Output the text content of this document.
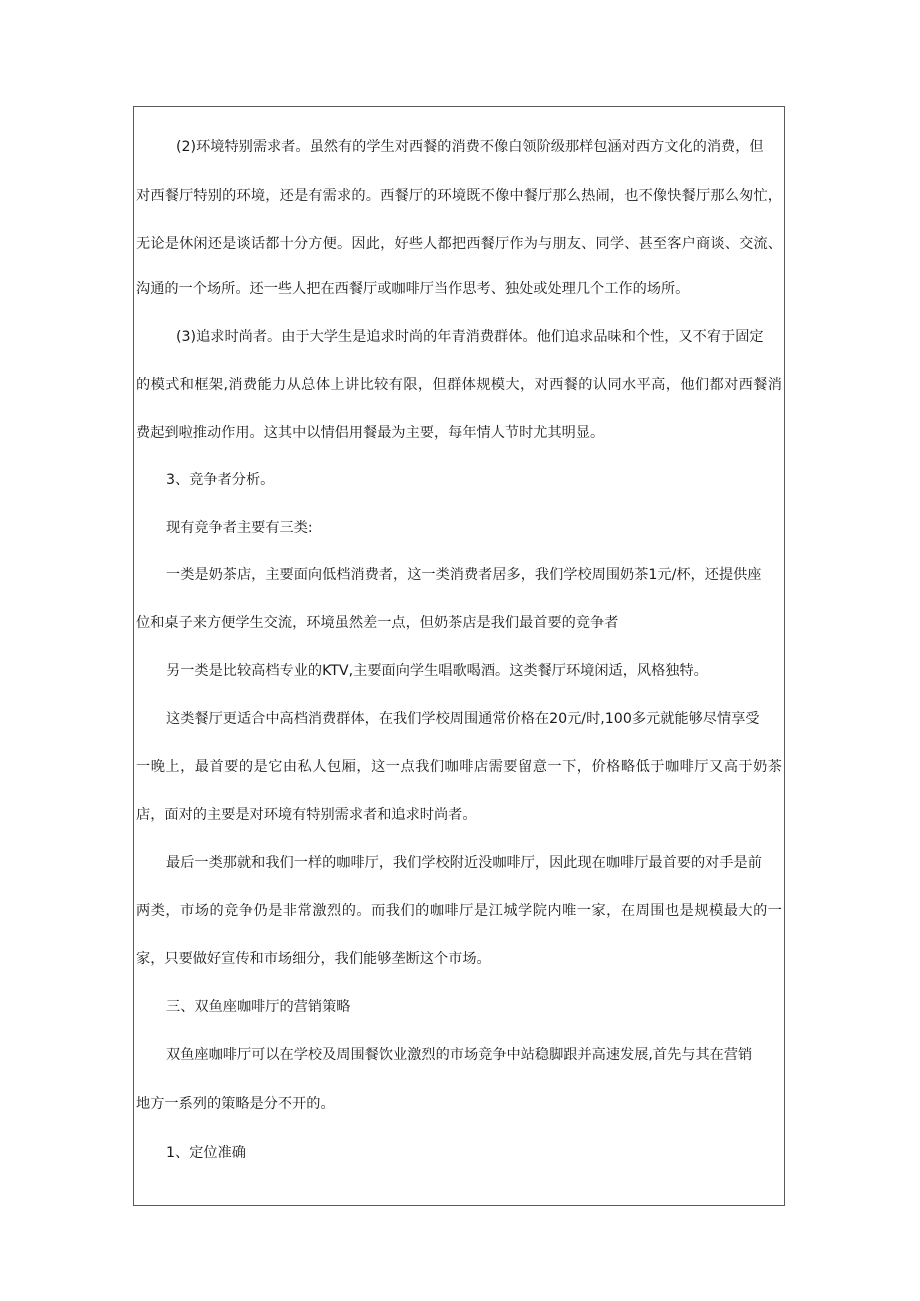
(2)环境特别需求者。虽然有的学生对西餐的消费不像白领阶级那样包涵对西方文化的消费，但
对西餐厅特别的环境，还是有需求的。西餐厅的环境既不像中餐厅那么热闹，也不像快餐厅那么匆忙，
无论是休闲还是谈话都十分方便。因此，好些人都把西餐厅作为与朋友、同学、甚至客户商谈、交流、
沟通的一个场所。还一些人把在西餐厅或咖啡厅当作思考、独处或处理几个工作的场所。
(3)追求时尚者。由于大学生是追求时尚的年青消费群体。他们追求品味和个性，又不宥于固定
的模式和框架,消费能力从总体上讲比较有限，但群体规模大，对西餐的认同水平高，他们都对西餐消
费起到啦推动作用。这其中以情侣用餐最为主要，每年情人节时尤其明显。
3、竞争者分析。
现有竞争者主要有三类:
一类是奶茶店，主要面向低档消费者，这一类消费者居多，我们学校周围奶茶1元/杯，还提供座
位和桌子来方便学生交流，环境虽然差一点，但奶茶店是我们最首要的竞争者
另一类是比较高档专业的KTV,主要面向学生唱歌喝酒。这类餐厅环境闲适，风格独特。
这类餐厅更适合中高档消费群体，在我们学校周围通常价格在20元/时,100多元就能够尽情享受
一晚上，最首要的是它由私人包厢，这一点我们咖啡店需要留意一下，价格略低于咖啡厅又高于奶茶
店，面对的主要是对环境有特别需求者和追求时尚者。
最后一类那就和我们一样的咖啡厅，我们学校附近没咖啡厅，因此现在咖啡厅最首要的对手是前
两类，市场的竞争仍是非常激烈的。而我们的咖啡厅是江城学院内唯一家，在周围也是规模最大的一
家，只要做好宣传和市场细分，我们能够垄断这个市场。
三、双鱼座咖啡厅的营销策略
双鱼座咖啡厅可以在学校及周围餐饮业激烈的市场竞争中站稳脚跟并高速发展,首先与其在营销
地方一系列的策略是分不开的。
1、定位准确
